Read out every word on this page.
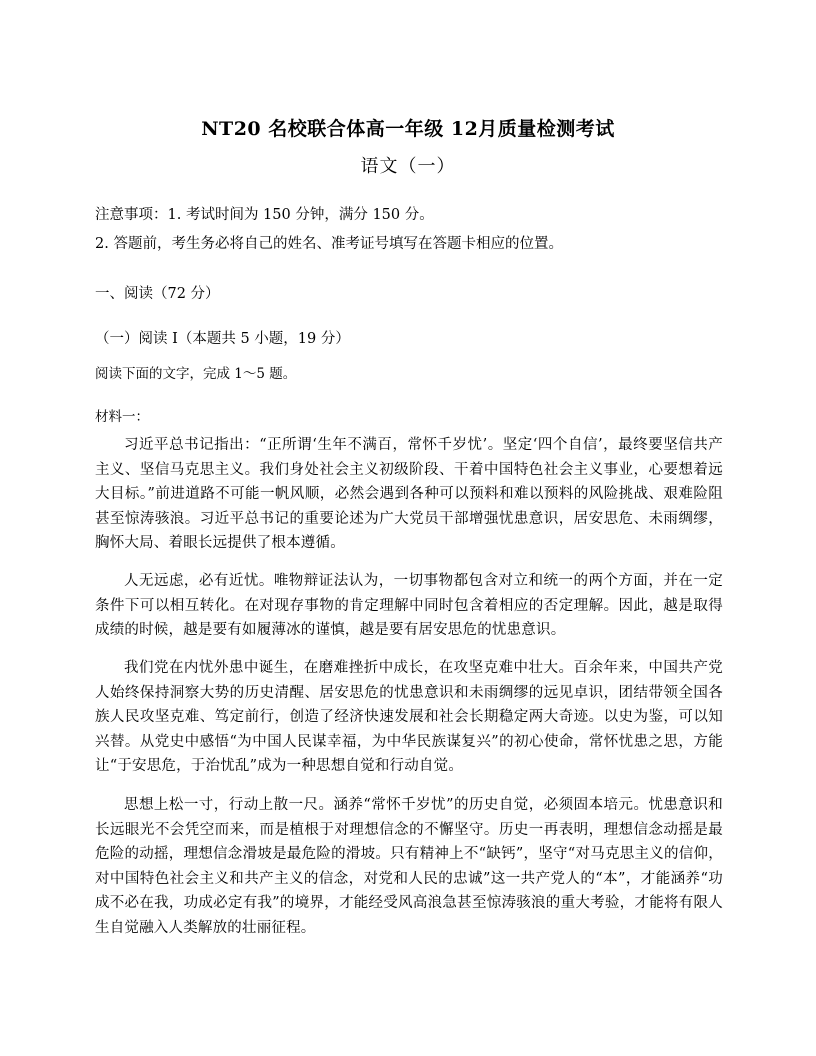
NT20 名校联合体高一年级 12月质量检测考试
语文（一）
注意事项：1. 考试时间为 150 分钟，满分 150 分。
2. 答题前，考生务必将自己的姓名、准考证号填写在答题卡相应的位置。
一、阅读（72 分）
（一）阅读 I（本题共 5 小题，19 分）
阅读下面的文字，完成 1～5 题。
材料一：
习近平总书记指出：“正所谓‘生年不满百，常怀千岁忧’。坚定‘四个自信’，最终要坚信共产主义、坚信马克思主义。我们身处社会主义初级阶段、干着中国特色社会主义事业，心要想着远大目标。”前进道路不可能一帆风顺，必然会遇到各种可以预料和难以预料的风险挑战、艰难险阻甚至惊涛骇浪。习近平总书记的重要论述为广大党员干部增强忧患意识，居安思危、未雨绸缪，胸怀大局、着眼长远提供了根本遵循。
人无远虑，必有近忧。唯物辩证法认为，一切事物都包含对立和统一的两个方面，并在一定条件下可以相互转化。在对现存事物的肯定理解中同时包含着相应的否定理解。因此，越是取得成绩的时候，越是要有如履薄冰的谨慎，越是要有居安思危的忧患意识。
我们党在内忧外患中诞生，在磨难挫折中成长，在攻坚克难中壮大。百余年来，中国共产党人始终保持洞察大势的历史清醒、居安思危的忧患意识和未雨绸缪的远见卓识，团结带领全国各族人民攻坚克难、笃定前行，创造了经济快速发展和社会长期稳定两大奇迹。以史为鉴，可以知兴替。从党史中感悟“为中国人民谋幸福，为中华民族谋复兴”的初心使命，常怀忧患之思，方能让“于安思危，于治忧乱”成为一种思想自觉和行动自觉。
思想上松一寸，行动上散一尺。涵养“常怀千岁忧”的历史自觉，必须固本培元。忧患意识和长远眼光不会凭空而来，而是植根于对理想信念的不懈坚守。历史一再表明，理想信念动摇是最危险的动摇，理想信念滑坡是最危险的滑坡。只有精神上不“缺钙”，坚守“对马克思主义的信仰，对中国特色社会主义和共产主义的信念，对党和人民的忠诚”这一共产党人的“本”，才能涵养“功成不必在我，功成必定有我”的境界，才能经受风高浪急甚至惊涛骇浪的重大考验，才能将有限人生自觉融入人类解放的壮丽征程。
